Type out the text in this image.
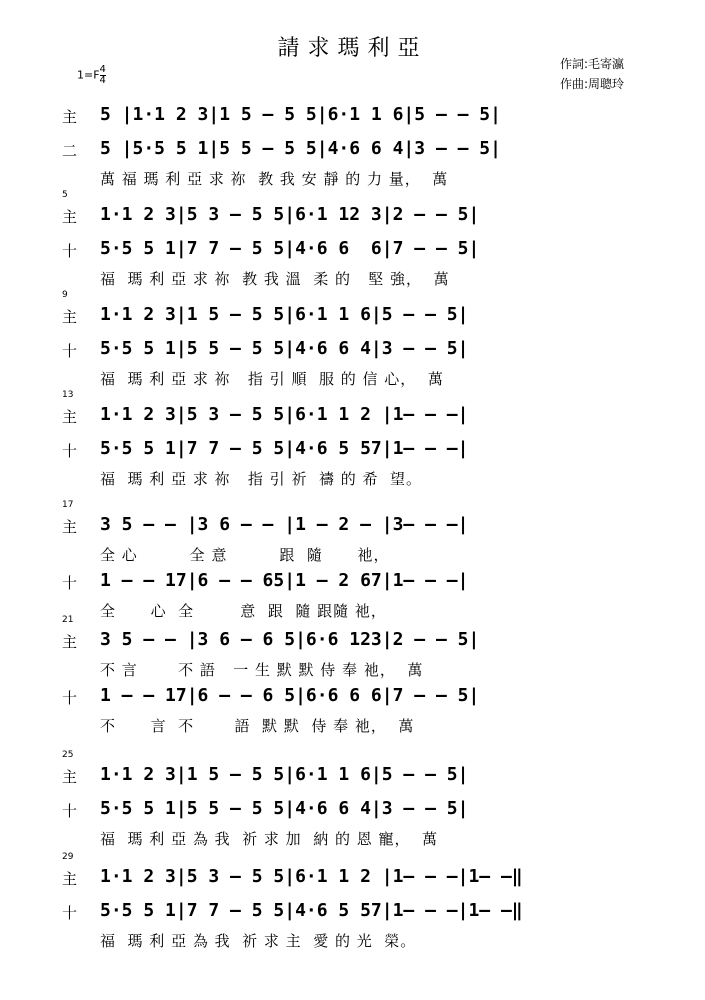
請求瑪利亞
作詞:毛寄瀛
作曲:周聰玲
$1=F \frac{4}{4}$
主 5 |1·1 2 3|1 5 – 5 5|6·1 1 6|5 – – 5|
二 5 |5·5 5 1|5 5 – 5 5|4·6 6 4|3 – – 5|
萬 福 瑪 利 亞 求 祢  教 我 安 靜 的 力 量，  萬
5
主 1·1 2 3|5 3 – 5 5|6·1 12 3|2 – – 5|
十 5·5 5 1|7 7 – 5 5|4·6 6  6|7 – – 5|
福  瑪 利 亞 求 祢  教 我 溫  柔 的   堅 強，  萬
9
主 1·1 2 3|1 5 – 5 5|6·1 1 6|5 – – 5|
十 5·5 5 1|5 5 – 5 5|4·6 6 4|3 – – 5|
福  瑪 利 亞 求 祢   指 引 順  服 的 信 心，  萬
13
主 1·1 2 3|5 3 – 5 5|6·1 1 2 |1– – –|
十 5·5 5 1|7 7 – 5 5|4·6 5 57|1– – –|
福  瑪 利 亞 求 祢   指 引 祈  禱 的 希  望。
17
主 3 5 – – |3 6 – – |1 – 2 – |3– – –|
全 心         全 意         跟  隨      祂，
十 1 – – 17|6 – – 65|1 – 2 67|1– – –|
全      心  全        意  跟  隨 跟隨 祂，
21
主 3 5 – – |3 6 – 6 5|6·6 123|2 – – 5|
不 言       不 語   一 生 默 默 侍 奉 祂，  萬
十 1 – – 17|6 – – 6 5|6·6 6 6|7 – – 5|
不      言  不       語  默 默  侍 奉 祂，  萬
25
主 1·1 2 3|1 5 – 5 5|6·1 1 6|5 – – 5|
十 5·5 5 1|5 5 – 5 5|4·6 6 4|3 – – 5|
福  瑪 利 亞 為 我  祈 求 加  納 的 恩 寵，  萬
29
主 1·1 2 3|5 3 – 5 5|6·1 1 2 |1– – –|1– –‖
十 5·5 5 1|7 7 – 5 5|4·6 5 57|1– – –|1– –‖
福  瑪 利 亞 為 我  祈 求 主  愛 的 光  榮。
